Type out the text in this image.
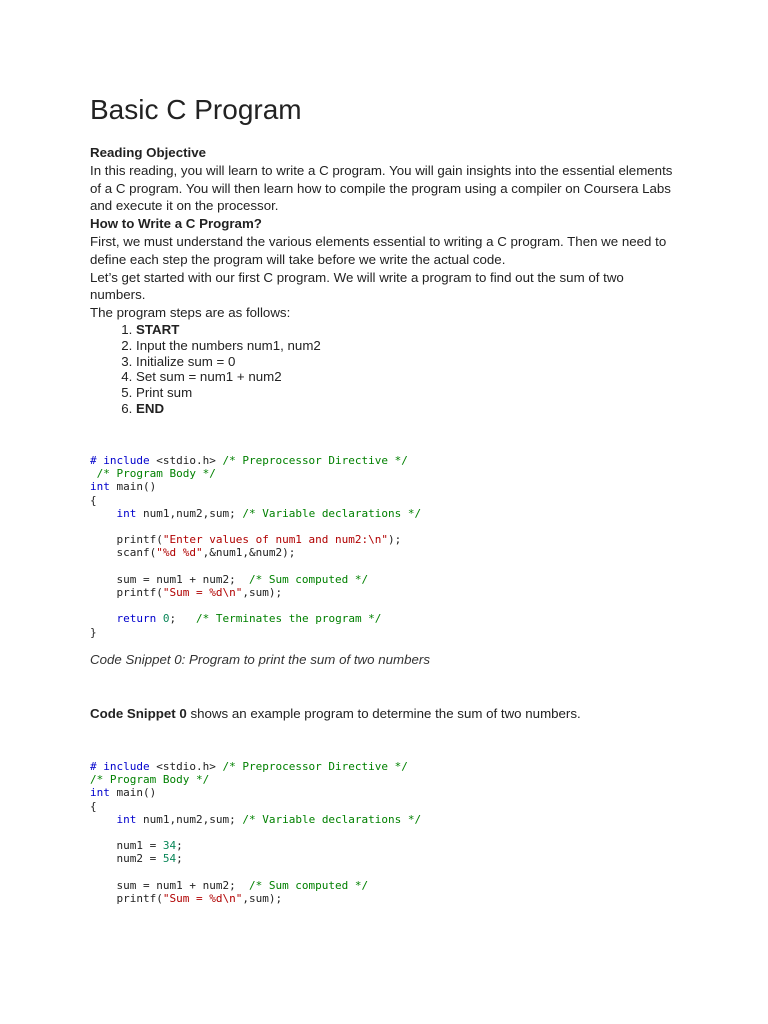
Basic C Program

Reading Objective

In this reading, you will learn to write a C program. You will gain insights into the essential elements of a C program. You will then learn how to compile the program using a compiler on Coursera Labs and execute it on the processor.

How to Write a C Program?

First, we must understand the various elements essential to writing a C program. Then we need to define each step the program will take before we write the actual code.

Let’s get started with our first C program. We will write a program to find out the sum of two numbers.

The program steps are as follows:

1. START
2. Input the numbers num1, num2
3. Initialize sum = 0
4. Set sum = num1 + num2
5. Print sum
6. END
# include <stdio.h> /* Preprocessor Directive */
/* Program Body */
int main()
{
int num1,num2,sum; /* Variable declarations */

printf("Enter values of num1 and num2:\n");
scanf("%d %d",&num1,&num2);

sum = num1 + num2;  /* Sum computed */
printf("Sum = %d\n",sum);

return 0;   /* Terminates the program */
}
Code Snippet 0: Program to print the sum of two numbers
Code Snippet 0 shows an example program to determine the sum of two numbers.
# include <stdio.h> /* Preprocessor Directive */
/* Program Body */
int main()
{
int num1,num2,sum; /* Variable declarations */

num1 = 34;
num2 = 54;

sum = num1 + num2;  /* Sum computed */
printf("Sum = %d\n",sum);
